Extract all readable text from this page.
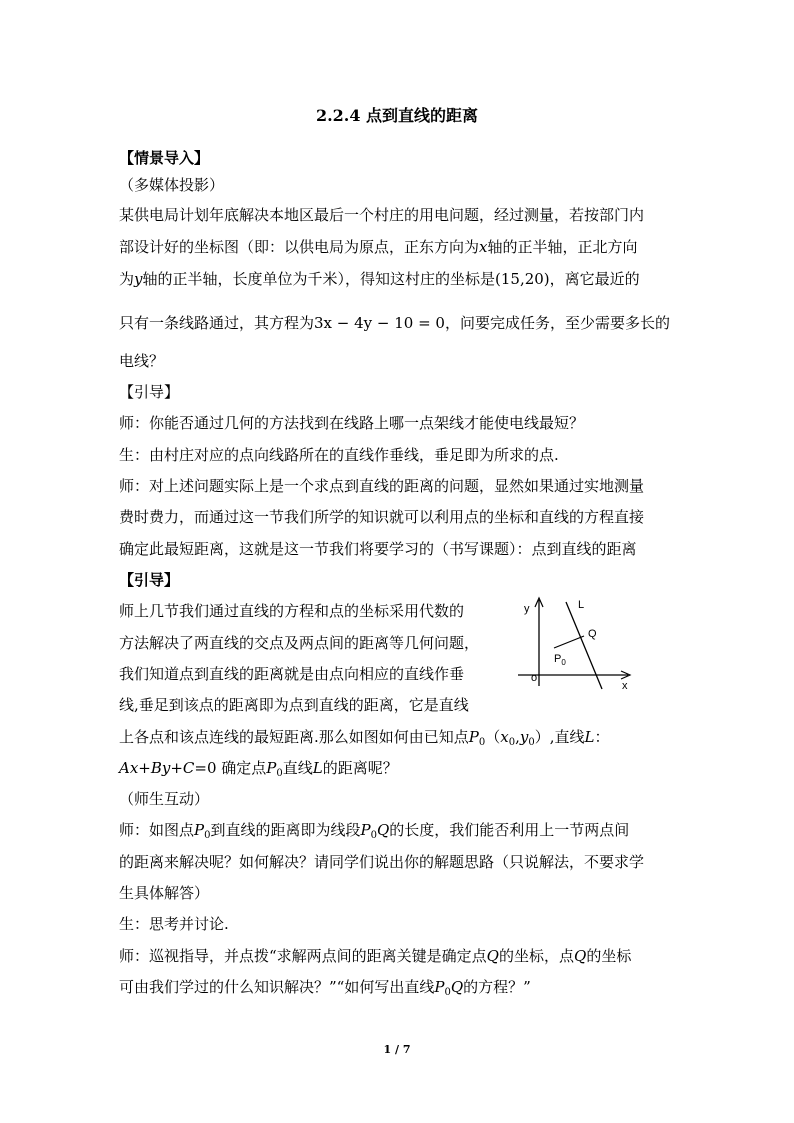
2.2.4 点到直线的距离
【情景导入】
（多媒体投影）
某供电局计划年底解决本地区最后一个村庄的用电问题，经过测量，若按部门内
部设计好的坐标图（即：以供电局为原点，正东方向为x轴的正半轴，正北方向
为y轴的正半轴，长度单位为千米），得知这村庄的坐标是(15,20)，离它最近的
只有一条线路通过，其方程为3x − 4y − 10 = 0，问要完成任务，至少需要多长的
电线？
【引导】
师：你能否通过几何的方法找到在线路上哪一点架线才能使电线最短？
生：由村庄对应的点向线路所在的直线作垂线，垂足即为所求的点.
师：对上述问题实际上是一个求点到直线的距离的问题，显然如果通过实地测量
费时费力，而通过这一节我们所学的知识就可以利用点的坐标和直线的方程直接
确定此最短距离，这就是这一节我们将要学习的（书写课题）：点到直线的距离
【引导】
师上几节我们通过直线的方程和点的坐标采用代数的
方法解决了两直线的交点及两点间的距离等几何问题，
我们知道点到直线的距离就是由点向相应的直线作垂
线,垂足到该点的距离即为点到直线的距离，它是直线
上各点和该点连线的最短距离.那么如图如何由已知点$P_0(x_0,y_0)$,直线L：
Ax+By+C=0 确定点$P_0$直线L的距离呢？
（师生互动）
师：如图点$P_0$到直线的距离即为线段$P_0Q$的长度，我们能否利用上一节两点间
的距离来解决呢？如何解决？请同学们说出你的解题思路（只说解法，不要求学
生具体解答）
生：思考并讨论.
师：巡视指导，并点拨“求解两点间的距离关键是确定点Q的坐标，点Q的坐标
可由我们学过的什么知识解决？”“如何写出直线$P_0Q$的方程？”
y
x
o
L
Q
$P_0$
1 / 7
